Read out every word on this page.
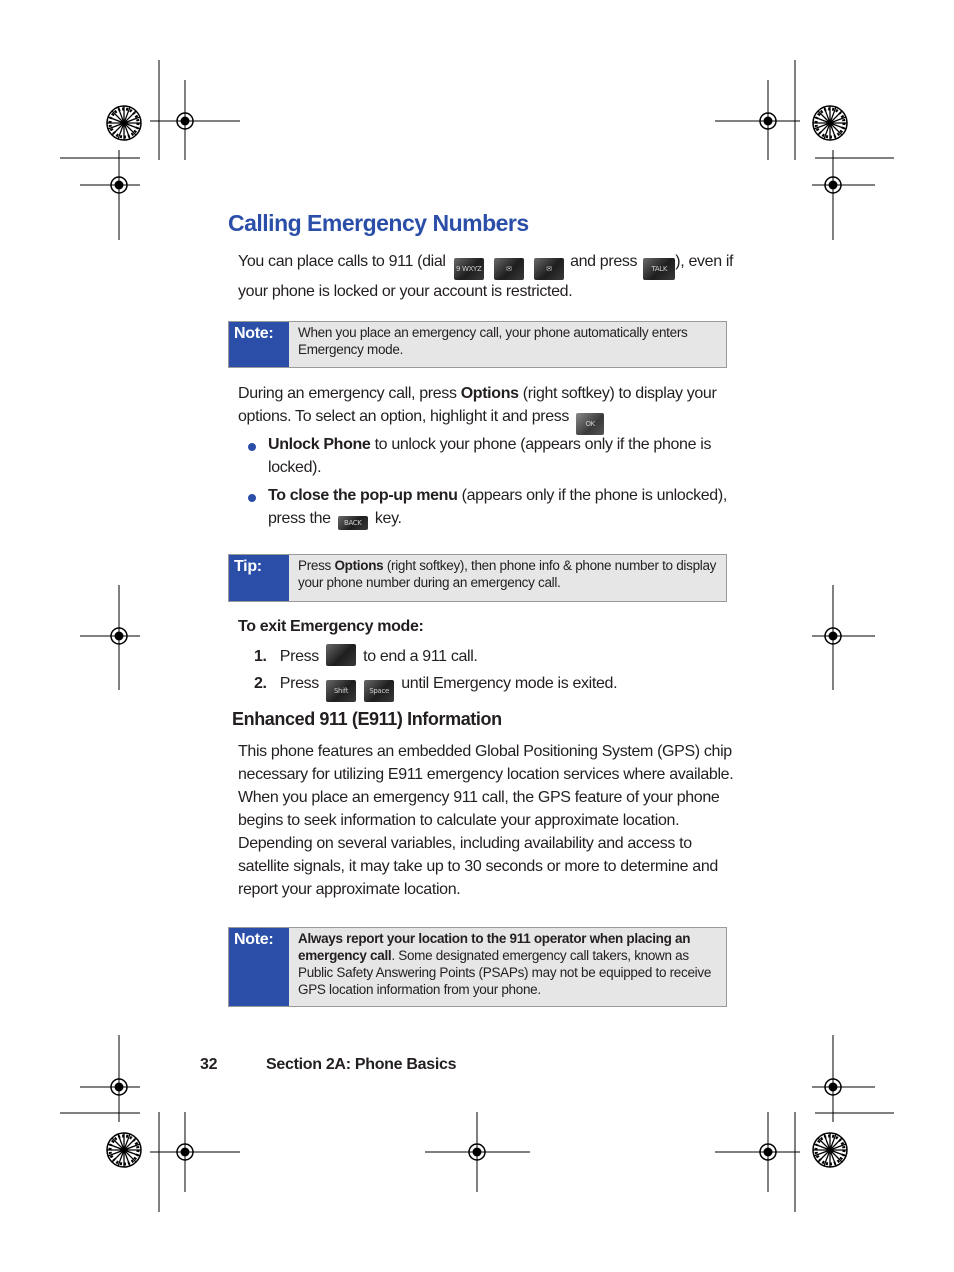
Calling Emergency Numbers
You can place calls to 911 (dial 9 WXYZ	✉	✉ and press TALK ), even if
your phone is locked or your account is restricted.
Note:	When you place an emergency call, your phone automatically enters Emergency mode.
During an emergency call, press Options (right softkey) to display your
options. To select an option, highlight it and press OK
Unlock Phone to unlock your phone (appears only if the phone is
locked).
To close the pop-up menu (appears only if the phone is unlocked),
press the BACK key.
Tip:	Press Options (right softkey), then phone info & phone number to display your phone number during an emergency call.
To exit Emergency mode:
1. Press	to end a 911 call.
2. Press Shift	Space until Emergency mode is exited.
Enhanced 911 (E911) Information

This phone features an embedded Global Positioning System (GPS) chip necessary for utilizing E911 emergency location services where available. When you place an emergency 911 call, the GPS feature of your phone begins to seek information to calculate your approximate location. Depending on several variables, including availability and access to satellite signals, it may take up to 30 seconds or more to determine and report your approximate location.

Note:	Always report your location to the 911 operator when placing an emergency call. Some designated emergency call takers, known as Public Safety Answering Points (PSAPs) may not be equipped to receive GPS location information from your phone.
32	Section 2A: Phone Basics
